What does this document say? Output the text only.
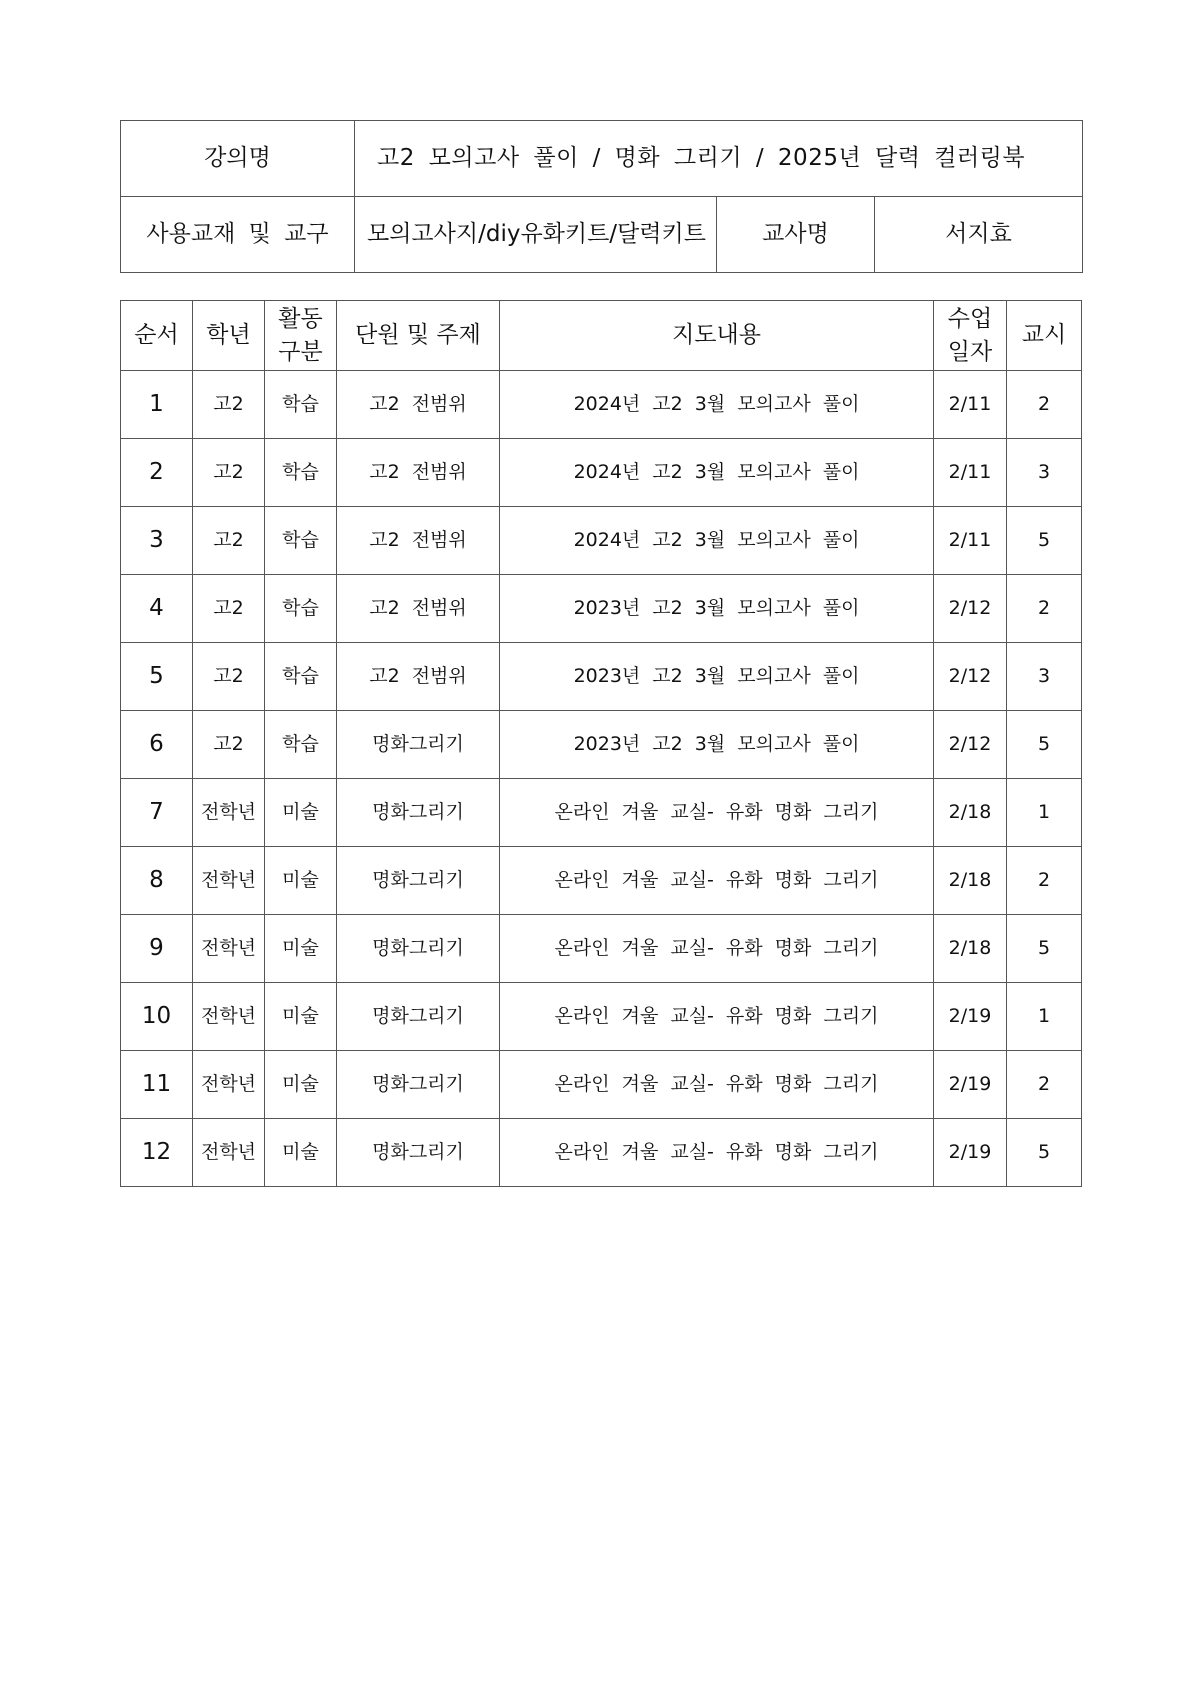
강의명	고2 모의고사 풀이 / 명화 그리기 / 2025년 달력 컬러링북		
사용교재 및 교구	모의고사지/diy유화키트/달력키트	교사명	서지효
순서	학년	활동 구분	단원 및 주제	지도내용	수업 일자	교시
1	고2	학습	고2 전범위	2024년 고2 3월 모의고사 풀이	2/11	2
2	고2	학습	고2 전범위	2024년 고2 3월 모의고사 풀이	2/11	3
3	고2	학습	고2 전범위	2024년 고2 3월 모의고사 풀이	2/11	5
4	고2	학습	고2 전범위	2023년 고2 3월 모의고사 풀이	2/12	2
5	고2	학습	고2 전범위	2023년 고2 3월 모의고사 풀이	2/12	3
6	고2	학습	명화그리기	2023년 고2 3월 모의고사 풀이	2/12	5
7	전학년	미술	명화그리기	온라인 겨울 교실- 유화 명화 그리기	2/18	1
8	전학년	미술	명화그리기	온라인 겨울 교실- 유화 명화 그리기	2/18	2
9	전학년	미술	명화그리기	온라인 겨울 교실- 유화 명화 그리기	2/18	5
10	전학년	미술	명화그리기	온라인 겨울 교실- 유화 명화 그리기	2/19	1
11	전학년	미술	명화그리기	온라인 겨울 교실- 유화 명화 그리기	2/19	2
12	전학년	미술	명화그리기	온라인 겨울 교실- 유화 명화 그리기	2/19	5
